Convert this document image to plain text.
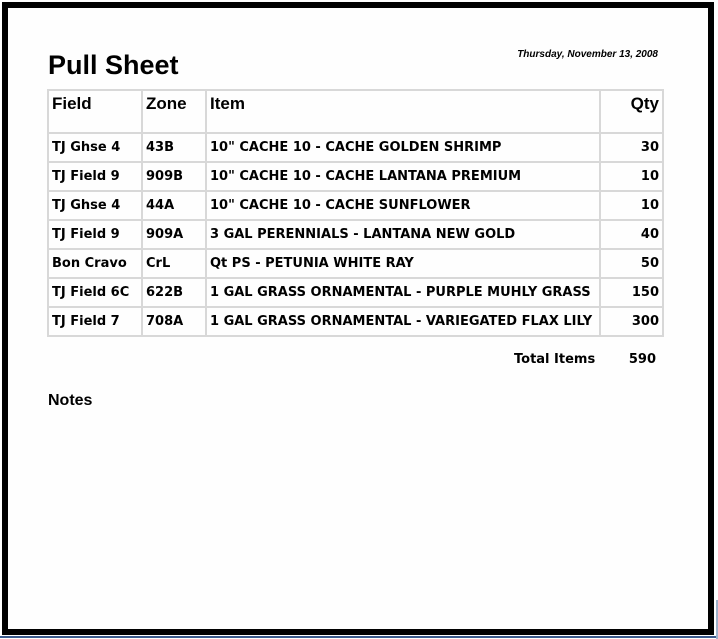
Pull Sheet	Thursday, November 13, 2008
Field	Zone	Item	Qty
TJ Ghse 4	43B	10" CACHE 10 - CACHE GOLDEN SHRIMP	30
TJ Field 9	909B	10" CACHE 10 - CACHE LANTANA PREMIUM	10
TJ Ghse 4	44A	10" CACHE 10 - CACHE SUNFLOWER	10
TJ Field 9	909A	3 GAL PERENNIALS - LANTANA NEW GOLD	40
Bon Cravo	CrL	Qt PS - PETUNIA WHITE RAY	50
TJ Field 6C	622B	1 GAL GRASS ORNAMENTAL - PURPLE MUHLY GRASS	150
TJ Field 7	708A	1 GAL GRASS ORNAMENTAL - VARIEGATED FLAX LILY	300
Total Items	590
Notes
